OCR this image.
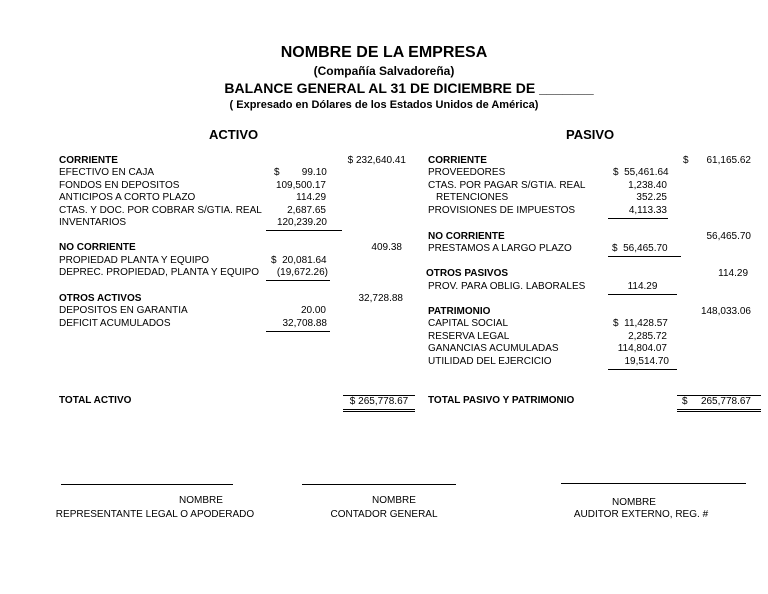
NOMBRE DE LA EMPRESA
(Compañía Salvadoreña)
BALANCE GENERAL AL 31 DE DICIEMBRE DE _______
( Expresado en Dólares de los Estados Unidos de América)
ACTIVO	PASIVO
CORRIENTE	$ 232,640.41
EFECTIVO EN CAJA	$        99.10
FONDOS EN DEPOSITOS	109,500.17
ANTICIPOS A CORTO PLAZO	114.29
CTAS. Y DOC. POR COBRAR S/GTIA. REAL	2,687.65
INVENTARIOS	120,239.20
NO CORRIENTE	409.38
PROPIEDAD PLANTA Y EQUIPO	$  20,081.64
DEPREC. PROPIEDAD, PLANTA Y EQUIPO	(19,672.26)
OTROS ACTIVOS	32,728.88
DEPOSITOS EN GARANTIA	20.00
DEFICIT ACUMULADOS	32,708.88
TOTAL ACTIVO	$ 265,778.67
CORRIENTE	$	61,165.62
PROVEEDORES	$  55,461.64
CTAS. POR PAGAR S/GTIA. REAL	1,238.40
RETENCIONES	352.25
PROVISIONES DE IMPUESTOS	4,113.33
NO CORRIENTE	56,465.70
PRESTAMOS A LARGO PLAZO	$  56,465.70
OTROS PASIVOS	114.29
PROV. PARA OBLIG. LABORALES	114.29
PATRIMONIO	148,033.06
CAPITAL SOCIAL	$  11,428.57
RESERVA LEGAL	2,285.72
GANANCIAS ACUMULADAS	114,804.07
UTILIDAD DEL EJERCICIO	19,514.70
TOTAL PASIVO Y PATRIMONIO	$ 265,778.67

NOMBRE
REPRESENTANTE LEGAL O APODERADO
NOMBRE
CONTADOR GENERAL
NOMBRE
AUDITOR EXTERNO, REG. #
